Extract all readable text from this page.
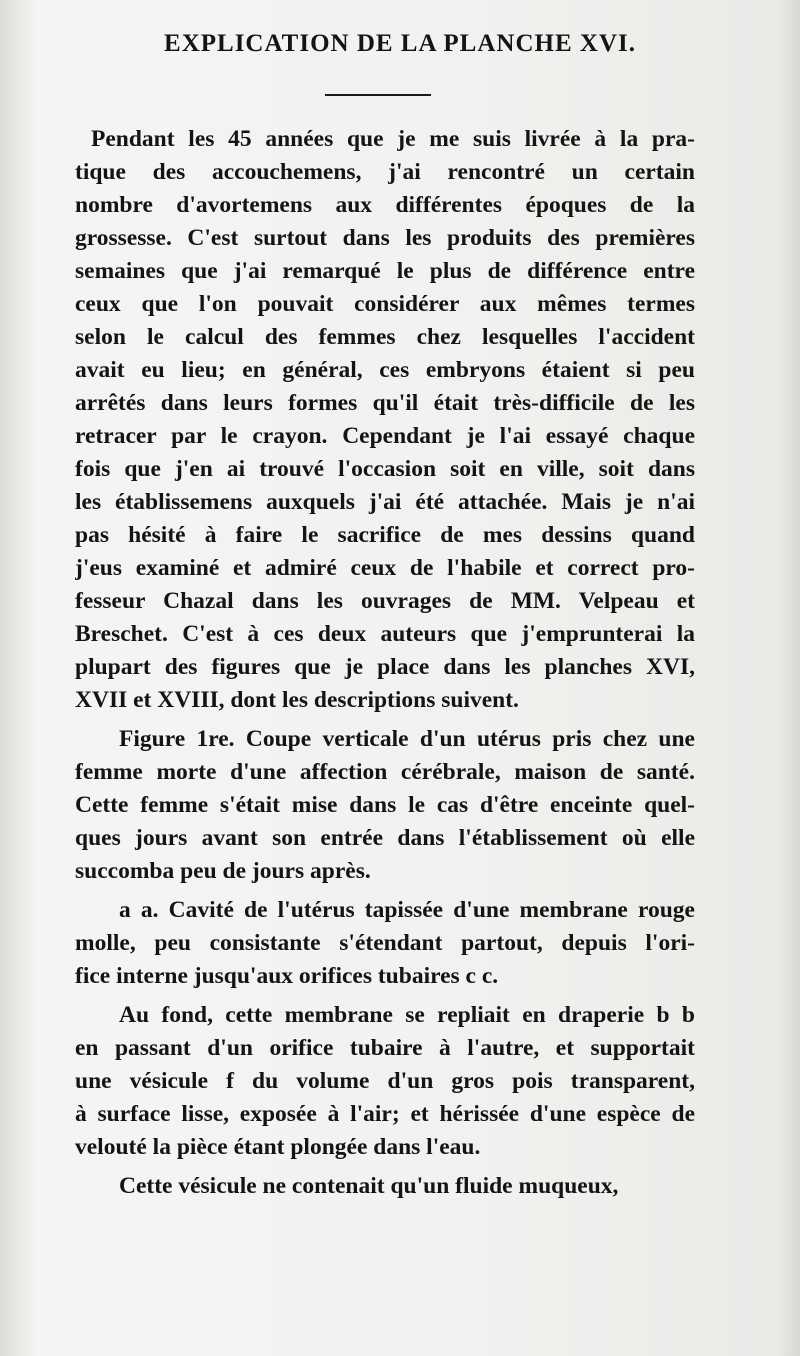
EXPLICATION DE LA PLANCHE XVI.
Pendant les 45 années que je me suis livrée à la pra-
tique des accouchemens, j'ai rencontré un certain
nombre d'avortemens aux différentes époques de la
grossesse. C'est surtout dans les produits des premières
semaines que j'ai remarqué le plus de différence entre
ceux que l'on pouvait considérer aux mêmes termes
selon le calcul des femmes chez lesquelles l'accident
avait eu lieu; en général, ces embryons étaient si peu
arrêtés dans leurs formes qu'il était très-difficile de les
retracer par le crayon. Cependant je l'ai essayé chaque
fois que j'en ai trouvé l'occasion soit en ville, soit dans
les établissemens auxquels j'ai été attachée. Mais je n'ai
pas hésité à faire le sacrifice de mes dessins quand
j'eus examiné et admiré ceux de l'habile et correct pro-
fesseur Chazal dans les ouvrages de MM. Velpeau et
Breschet. C'est à ces deux auteurs que j'emprunterai la
plupart des figures que je place dans les planches XVI,
XVII et XVIII, dont les descriptions suivent.
Figure 1re. Coupe verticale d'un utérus pris chez une
femme morte d'une affection cérébrale, maison de santé.
Cette femme s'était mise dans le cas d'être enceinte quel-
ques jours avant son entrée dans l'établissement où elle
succomba peu de jours après.
a a. Cavité de l'utérus tapissée d'une membrane rouge
molle, peu consistante s'étendant partout, depuis l'ori-
fice interne jusqu'aux orifices tubaires c c.
Au fond, cette membrane se repliait en draperie b b
en passant d'un orifice tubaire à l'autre, et supportait
une vésicule f du volume d'un gros pois transparent,
à surface lisse, exposée à l'air; et hérissée d'une espèce de
velouté la pièce étant plongée dans l'eau.
Cette vésicule ne contenait qu'un fluide muqueux,
